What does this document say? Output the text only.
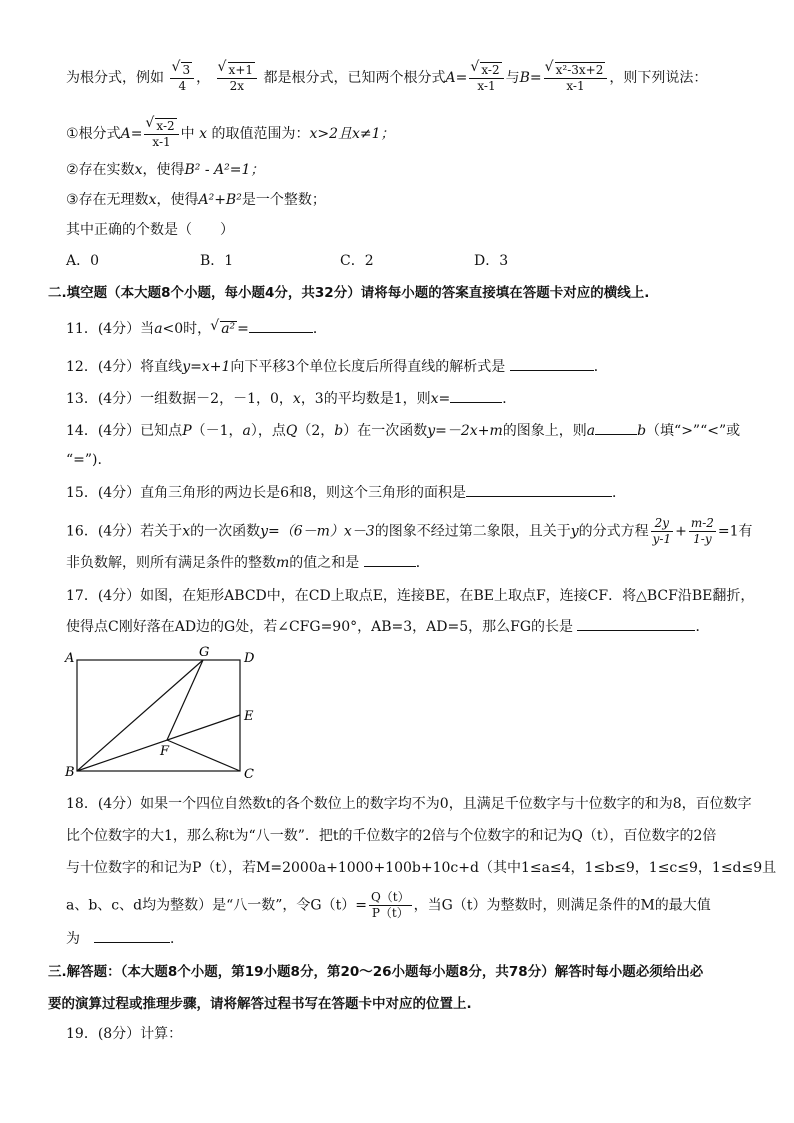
为根分式，例如 √ $\frac{3}{4}$ ， √ $\frac{x+1}{2x}$ 都是根分式，已知两个根分式A= √ $\frac{x-2}{x-1}$ 与B= √ $\frac{\text{x²-3x+2}}{x-1}$ ，则下列说法：
①根分式A= √ $\frac{x-2}{x-1}$ 中 x 的取值范围为：x>2且x≠1；
②存在实数x，使得B² - A²=1；
③存在无理数x，使得A²+B²是一个整数；
其中正确的个数是（　　）
A．0	B．1	C．2	D．3
二.填空题（本大题8个小题，每小题4分，共32分）请将每小题的答案直接填在答题卡对应的横线上.
11．(4分）当a<0时， √ a² =	．
12．(4分）将直线y=x+1向下平移3个单位长度后所得直线的解析式是	．
13．(4分）一组数据－2，－1，0，x，3的平均数是1，则x=	．
14．(4分）已知点P（－1，a），点Q（2，b）在一次函数y=－2x+m的图象上，则a	b（填“>”“<”或
“=”).
15．(4分）直角三角形的两边长是6和8，则这个三角形的面积是	．
16．(4分）若关于x的一次函数y=（6－m）x－3的图象不经过第二象限，且关于y的分式方程 $\frac{2y}{y-1} + \frac{m-2}{1-y} =1$有
非负数解，则所有满足条件的整数m的值之和是	．
17．(4分）如图，在矩形ABCD中，在CD上取点E，连接BE，在BE上取点F，连接CF．将△BCF沿BE翻折，
使得点C刚好落在AD边的G处，若∠CFG=90°，AB=3，AD=5，那么FG的长是	．
A	G	D
E
F
B	C
18．(4分）如果一个四位自然数t的各个数位上的数字均不为0，且满足千位数字与十位数字的和为8，百位数字
比个位数字的大1，那么称t为“八一数”．把t的千位数字的2倍与个位数字的和记为Q（t），百位数字的2倍
与十位数字的和记为P（t），若M=2000a+1000+100b+10c+d（其中1≤a≤4，1≤b≤9，1≤c≤9，1≤d≤9且
a、b、c、d均为整数）是“八一数”，令$G(t)= \frac{Q(t)}{P(t)}$ ，当G（t）为整数时，则满足条件的M的最大值
为　	．
三.解答题：（本大题8个小题，第19小题8分，第20～26小题每小题8分，共78分）解答时每小题必须给出必
要的演算过程或推理步骤，请将解答过程书写在答题卡中对应的位置上.
19．(8分）计算：
